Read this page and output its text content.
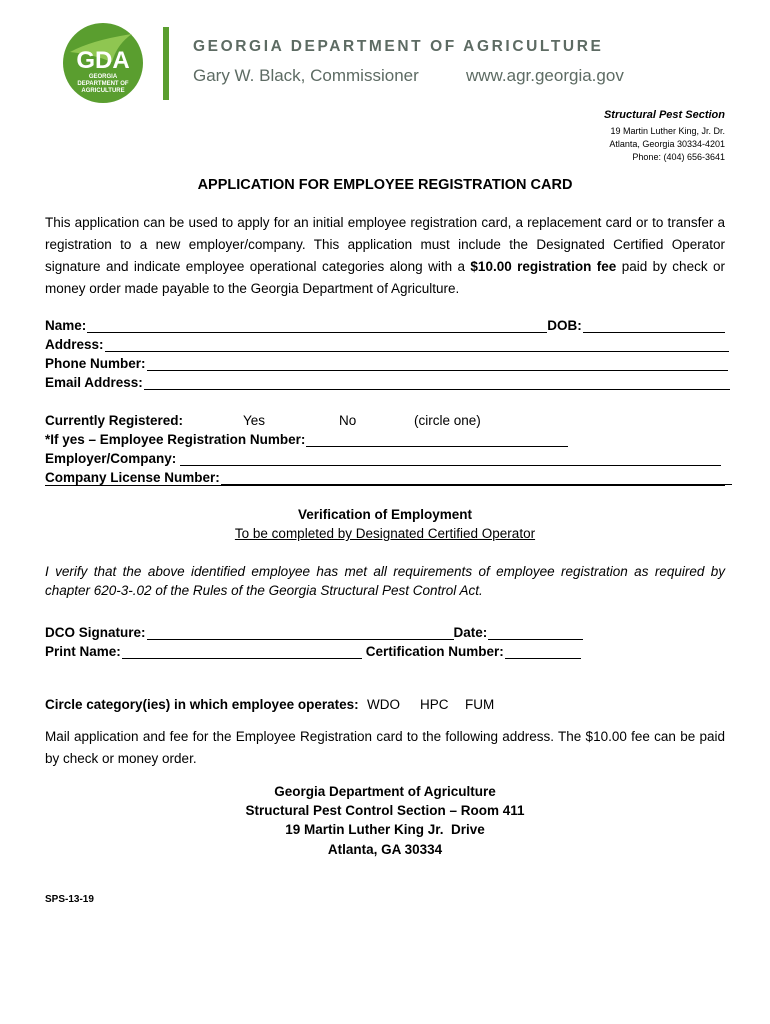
GDA
GEORGIA
DEPARTMENT OF
AGRICULTURE
GEORGIA DEPARTMENT OF AGRICULTURE
Gary W. Black, Commissioner	www.agr.georgia.gov
Structural Pest Section
19 Martin Luther King, Jr. Dr.
Atlanta, Georgia 30334-4201
Phone: (404) 656-3641
APPLICATION FOR EMPLOYEE REGISTRATION CARD
This application can be used to apply for an initial employee registration card, a replacement card or to transfer a registration to a new employer/company. This application must include the Designated Certified Operator signature and indicate employee operational categories along with a $10.00 registration fee paid by check or money order made payable to the Georgia Department of Agriculture.
Name:	DOB:
Address:
Phone Number:
Email Address:
Currently Registered:	Yes	No	(circle one)
*If yes – Employee Registration Number:
Employer/Company:
Company License Number:
Verification of Employment
To be completed by Designated Certified Operator
I verify that the above identified employee has met all requirements of employee registration as required by chapter 620-3-.02 of the Rules of the Georgia Structural Pest Control Act.
DCO Signature:	Date:
Print Name:	Certification Number:
Circle category(ies) in which employee operates: WDO HPC FUM
Mail application and fee for the Employee Registration card to the following address. The $10.00 fee can be paid by check or money order.
Georgia Department of Agriculture
Structural Pest Control Section – Room 411
19 Martin Luther King Jr.  Drive
Atlanta, GA 30334
SPS-13-19
